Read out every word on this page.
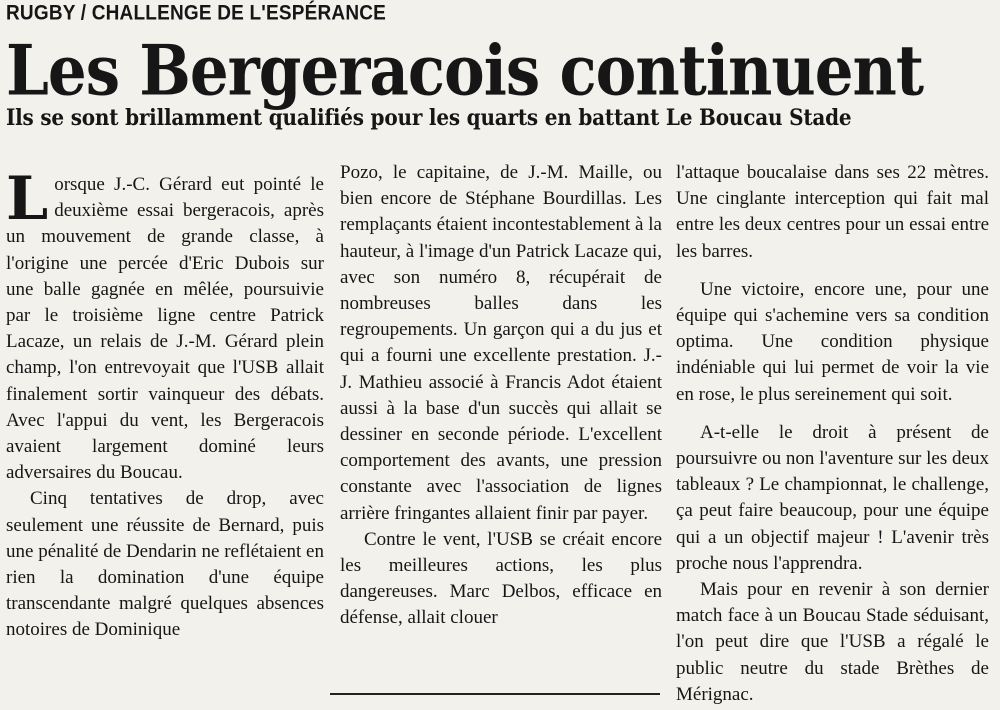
RUGBY / CHALLENGE DE L'ESPÉRANCE
Les Bergeracois continuent
Ils se sont brillamment qualifiés pour les quarts en battant Le Boucau Stade

Lorsque J.-C. Gérard eut pointé le deuxième essai bergeracois, après un mouvement de grande classe, à l'origine une percée d'Eric Dubois sur une balle gagnée en mêlée, poursuivie par le troisième ligne centre Patrick Lacaze, un relais de J.-M. Gérard plein champ, l'on entrevoyait que l'USB allait finalement sortir vainqueur des débats. Avec l'appui du vent, les Bergeracois avaient largement dominé leurs adversaires du Boucau.

Cinq tentatives de drop, avec seulement une réussite de Bernard, puis une pénalité de Dendarin ne reflétaient en rien la domination d'une équipe transcendante malgré quelques absences notoires de Dominique

Pozo, le capitaine, de J.-M. Maille, ou bien encore de Stéphane Bourdillas. Les remplaçants étaient incontestablement à la hauteur, à l'image d'un Patrick Lacaze qui, avec son numéro 8, récupérait de nombreuses balles dans les regroupements. Un garçon qui a du jus et qui a fourni une excellente prestation. J.-J. Mathieu associé à Francis Adot étaient aussi à la base d'un succès qui allait se dessiner en seconde période. L'excellent comportement des avants, une pression constante avec l'association de lignes arrière fringantes allaient finir par payer.

Contre le vent, l'USB se créait encore les meilleures actions, les plus dangereuses. Marc Delbos, efficace en défense, allait clouer

l'attaque boucalaise dans ses 22 mètres. Une cinglante interception qui fait mal entre les deux centres pour un essai entre les barres.

Une victoire, encore une, pour une équipe qui s'achemine vers sa condition optima. Une condition physique indéniable qui lui permet de voir la vie en rose, le plus sereinement qui soit.

A-t-elle le droit à présent de poursuivre ou non l'aventure sur les deux tableaux ? Le championnat, le challenge, ça peut faire beaucoup, pour une équipe qui a un objectif majeur ! L'avenir très proche nous l'apprendra.

Mais pour en revenir à son dernier match face à un Boucau Stade séduisant, l'on peut dire que l'USB a régalé le public neutre du stade Brèthes de Mérignac.
